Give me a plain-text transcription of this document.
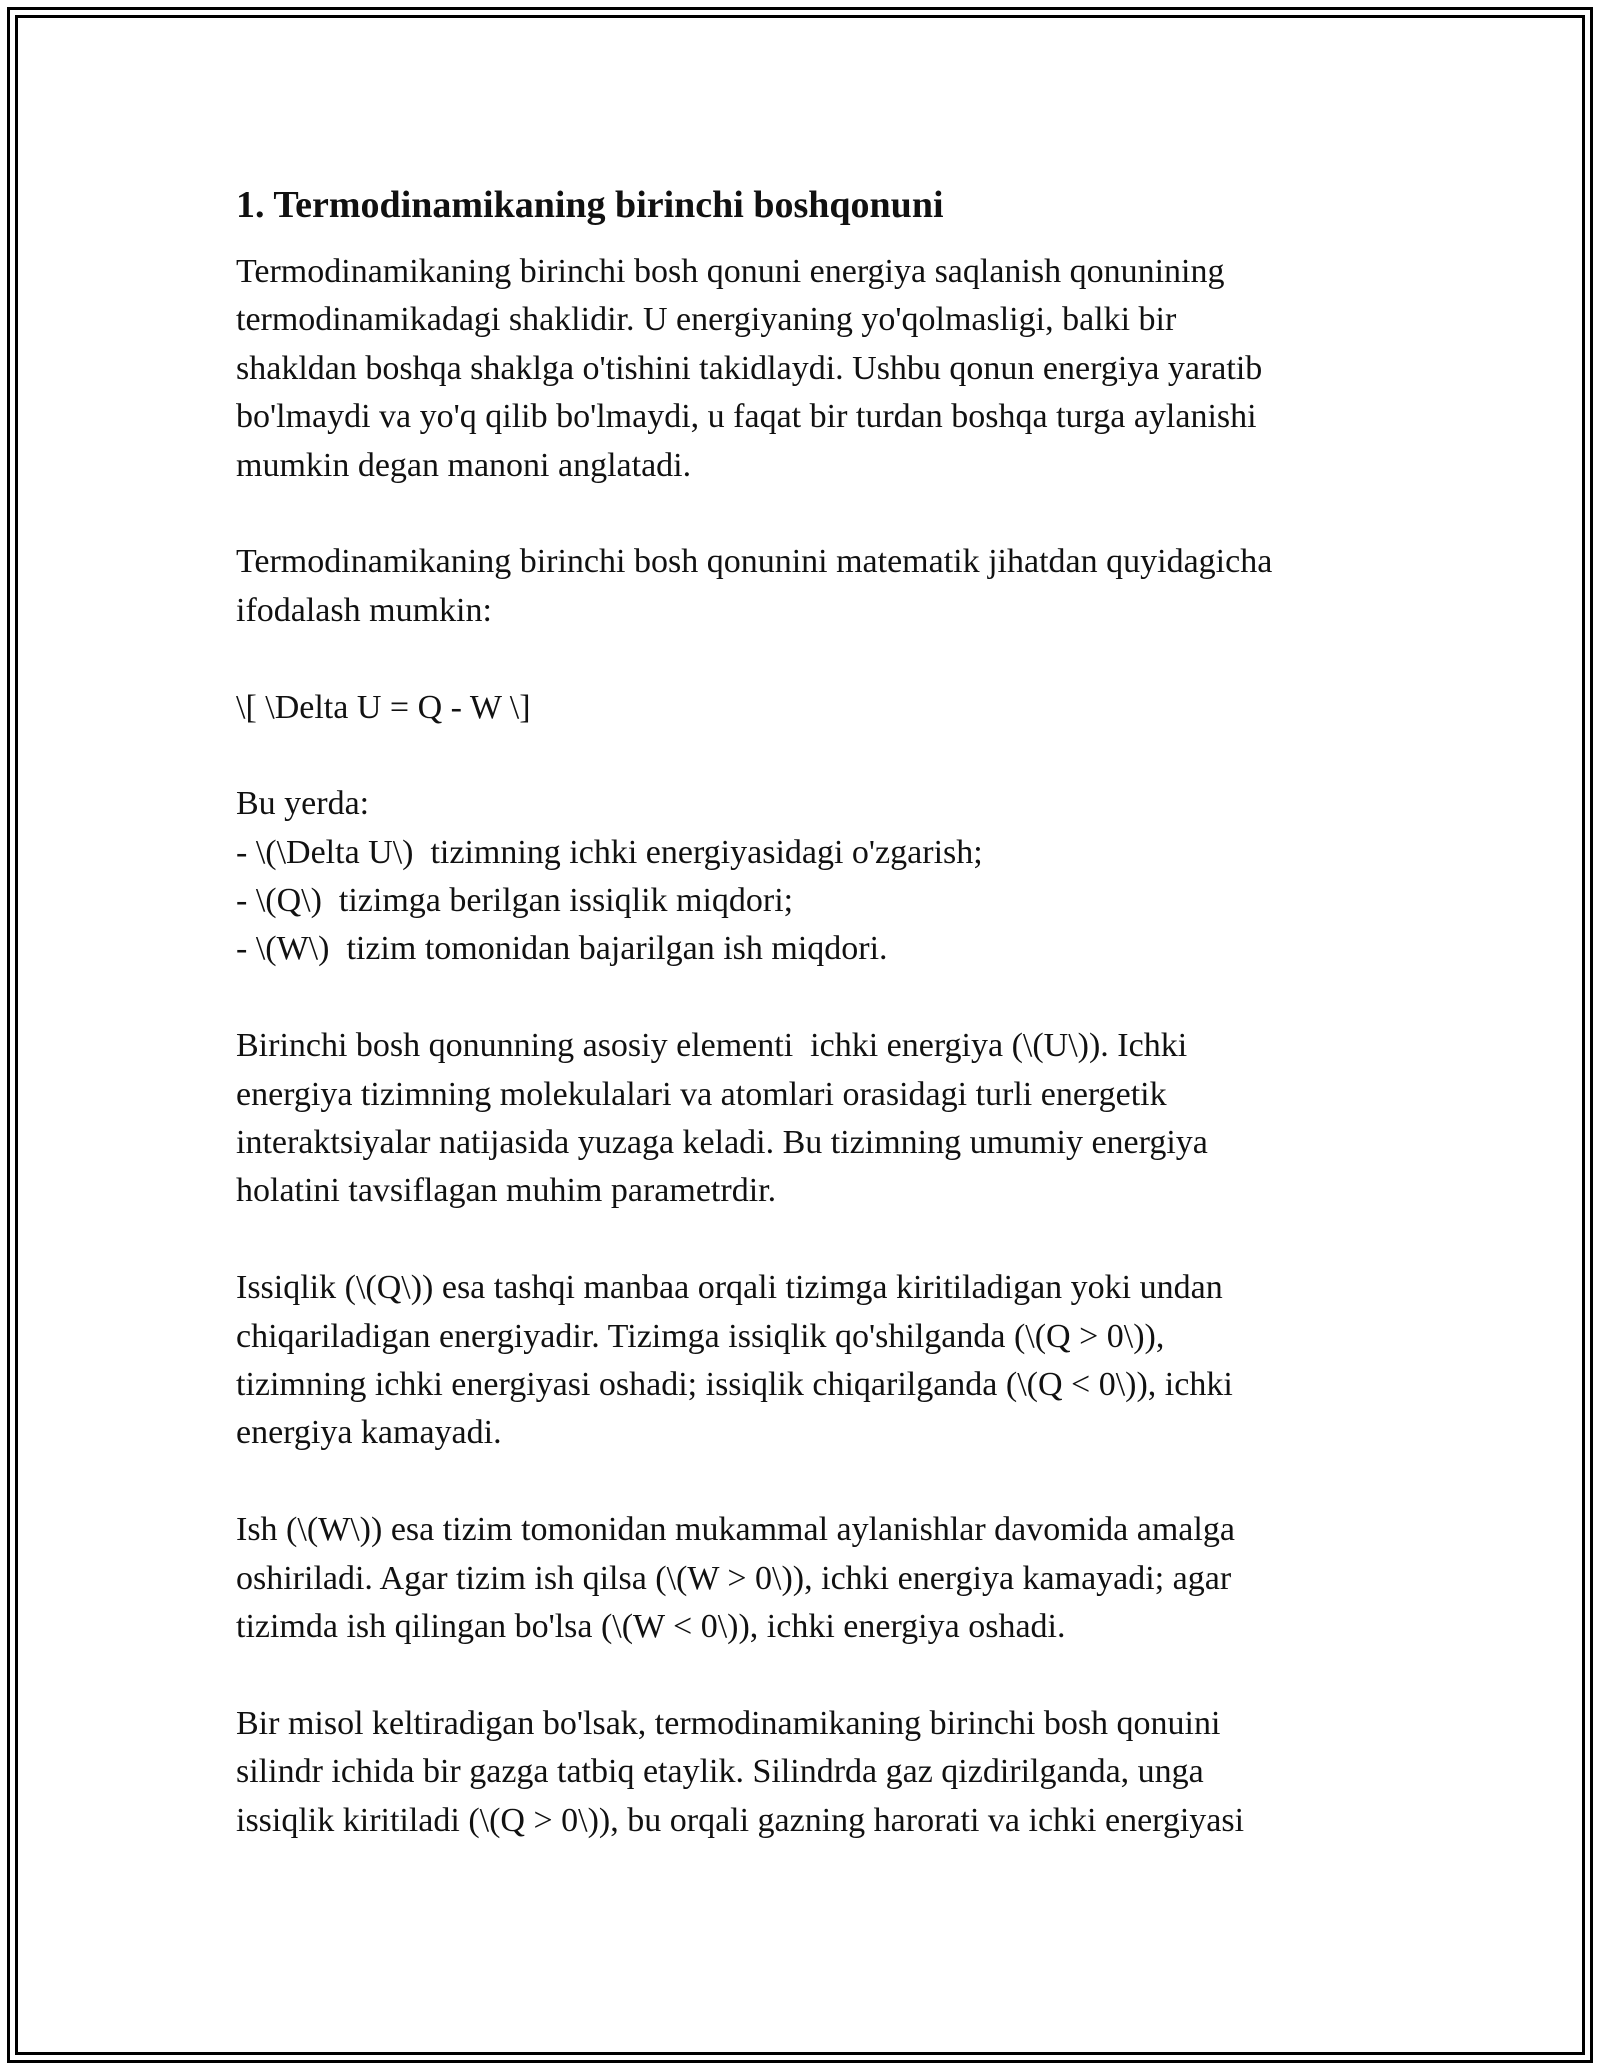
1. Termodinamikaning birinchi boshqonuni
Termodinamikaning birinchi bosh qonuni energiya saqlanish qonunining
termodinamikadagi shaklidir. U energiyaning yo'qolmasligi, balki bir
shakldan boshqa shaklga o'tishini takidlaydi. Ushbu qonun energiya yaratib
bo'lmaydi va yo'q qilib bo'lmaydi, u faqat bir turdan boshqa turga aylanishi
mumkin degan manoni anglatadi.
Termodinamikaning birinchi bosh qonunini matematik jihatdan quyidagicha
ifodalash mumkin:
\[ \Delta U = Q - W \]
Bu yerda:
- \(\Delta U\)  tizimning ichki energiyasidagi o'zgarish;
- \(Q\)  tizimga berilgan issiqlik miqdori;
- \(W\)  tizim tomonidan bajarilgan ish miqdori.
Birinchi bosh qonunning asosiy elementi  ichki energiya (\(U\)). Ichki
energiya tizimning molekulalari va atomlari orasidagi turli energetik
interaktsiyalar natijasida yuzaga keladi. Bu tizimning umumiy energiya
holatini tavsiflagan muhim parametrdir.
Issiqlik (\(Q\)) esa tashqi manbaa orqali tizimga kiritiladigan yoki undan
chiqariladigan energiyadir. Tizimga issiqlik qo'shilganda (\(Q > 0\)),
tizimning ichki energiyasi oshadi; issiqlik chiqarilganda (\(Q < 0\)), ichki
energiya kamayadi.
Ish (\(W\)) esa tizim tomonidan mukammal aylanishlar davomida amalga
oshiriladi. Agar tizim ish qilsa (\(W > 0\)), ichki energiya kamayadi; agar
tizimda ish qilingan bo'lsa (\(W < 0\)), ichki energiya oshadi.
Bir misol keltiradigan bo'lsak, termodinamikaning birinchi bosh qonuini
silindr ichida bir gazga tatbiq etaylik. Silindrda gaz qizdirilganda, unga
issiqlik kiritiladi (\(Q > 0\)), bu orqali gazning harorati va ichki energiyasi
